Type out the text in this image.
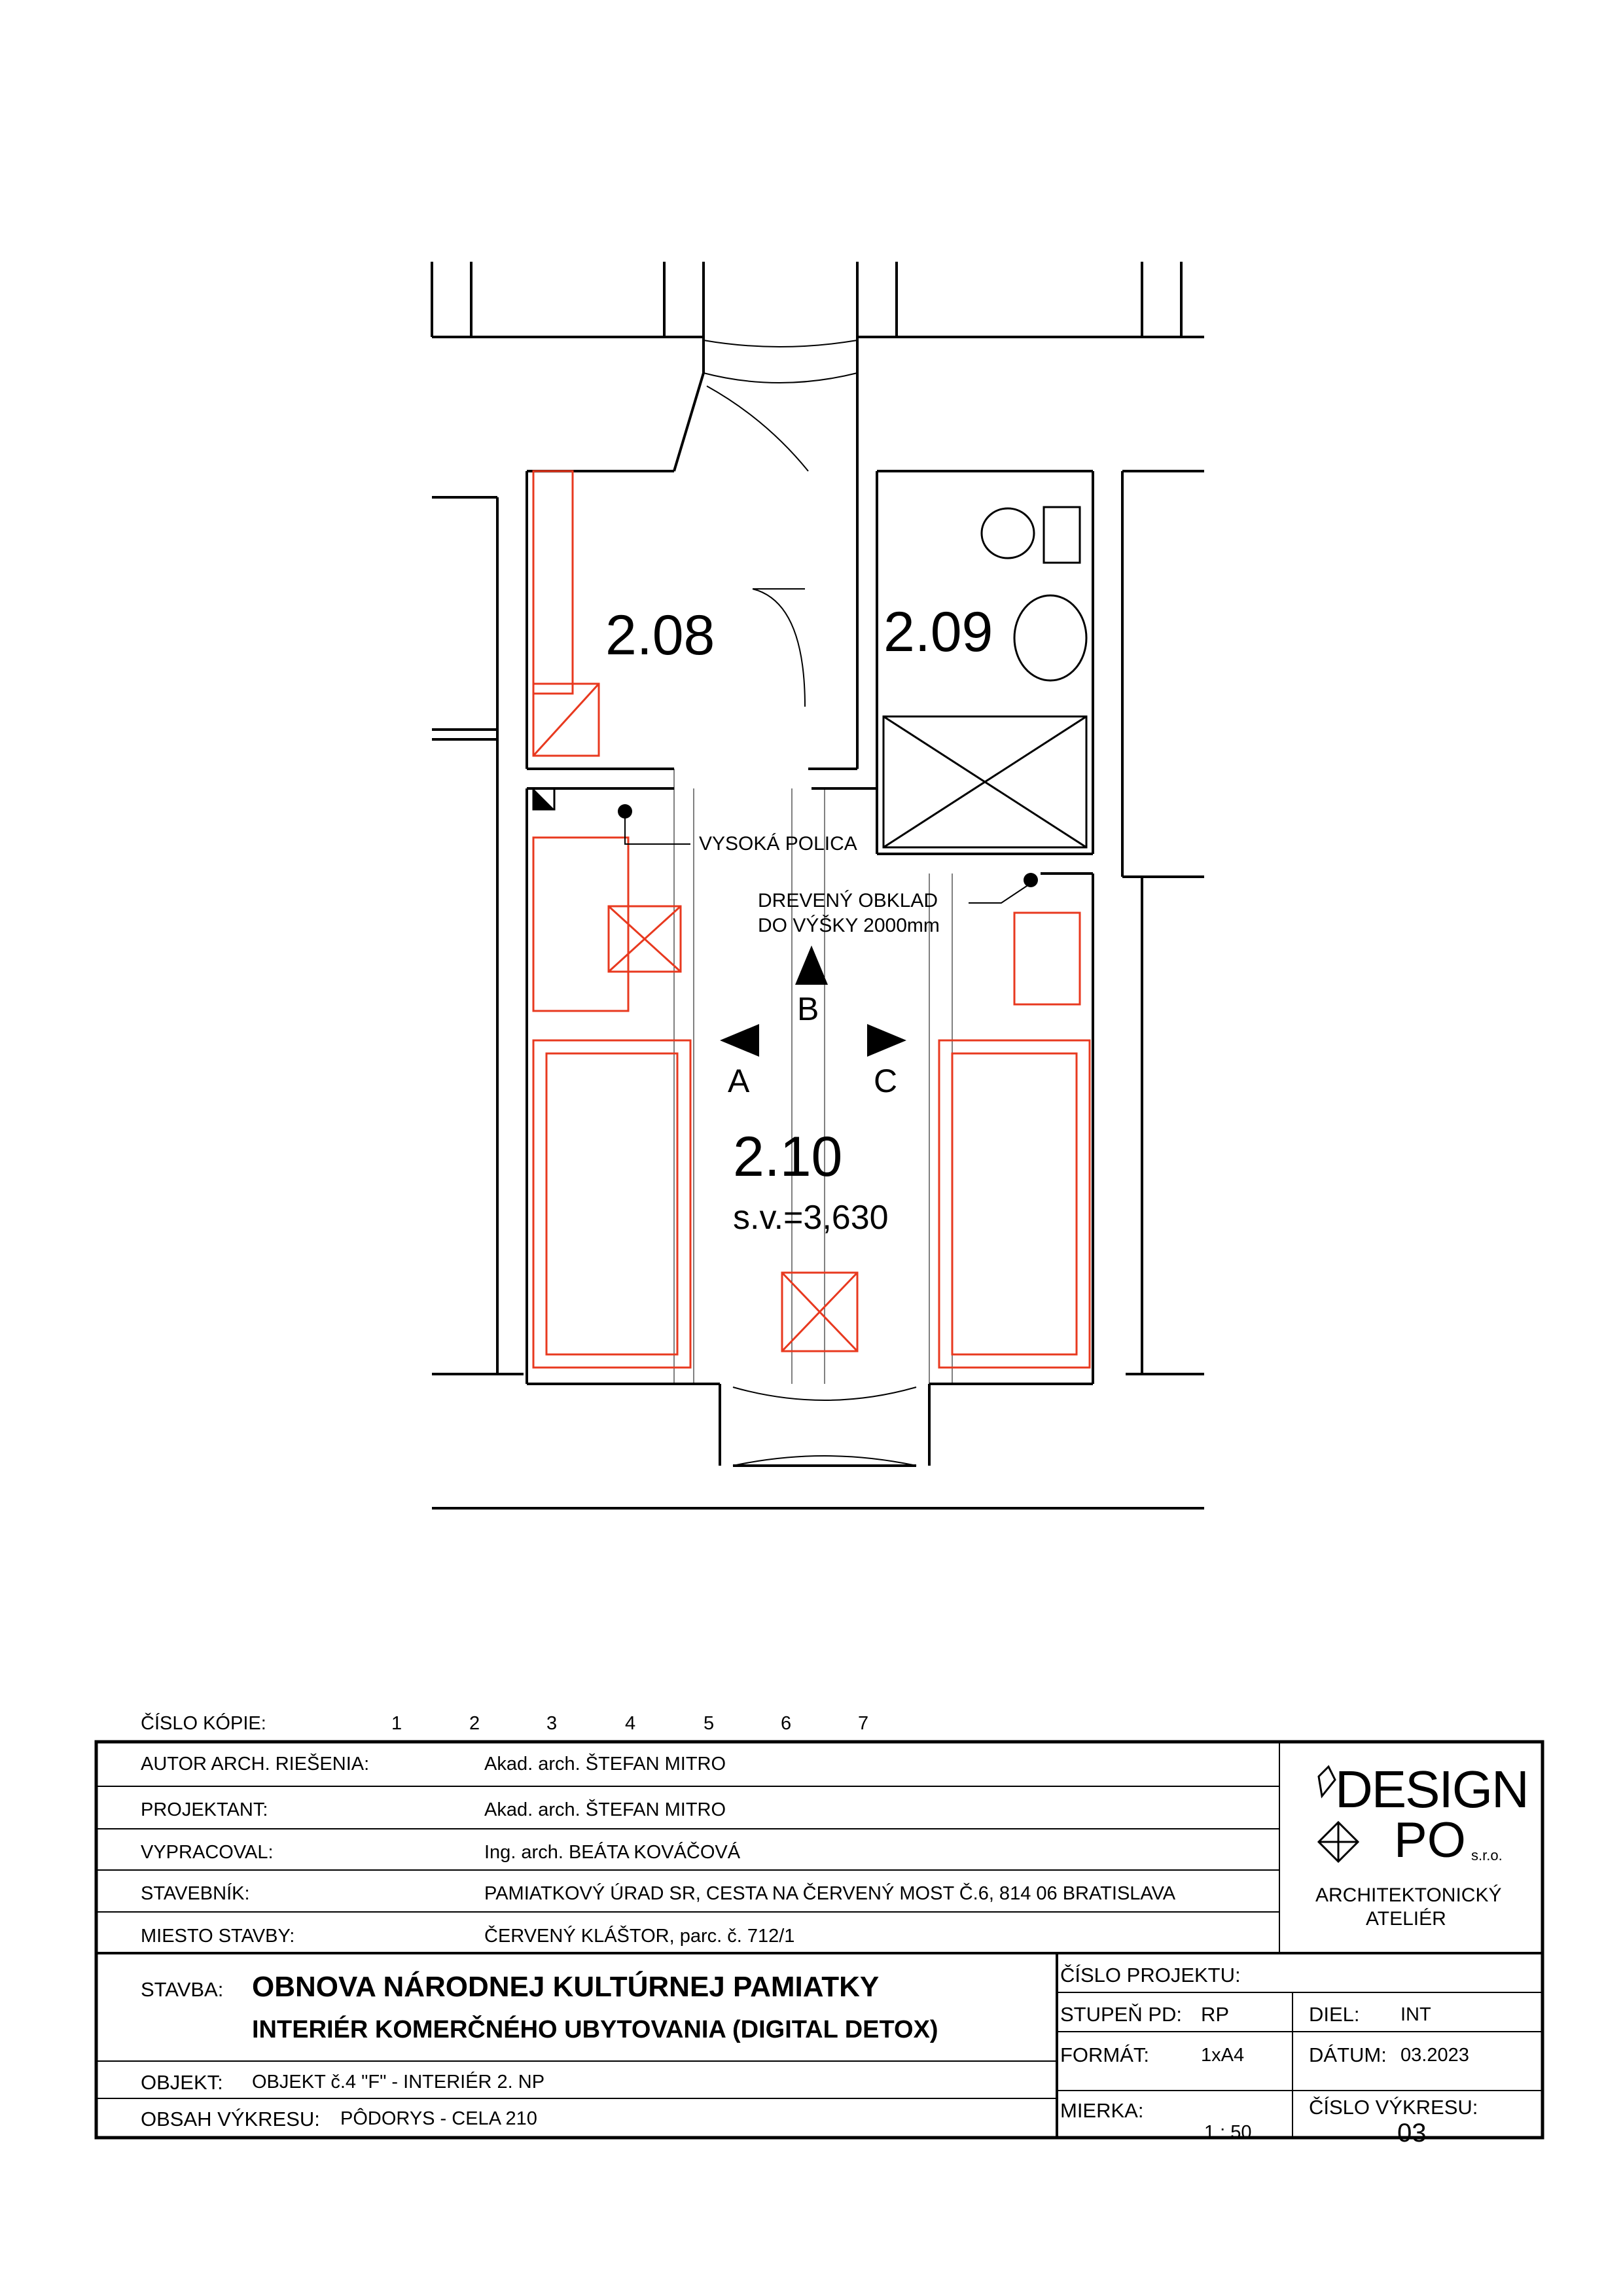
2.08	2.09
2.10
s.v.=3,630
VYSOKÁ POLICA
DREVENÝ OBKLAD
DO VÝŠKY 2000mm
B
A	C
ČÍSLO KÓPIE:	1	2	3	4	5	6	7
AUTOR ARCH. RIEŠENIA:	Akad. arch. ŠTEFAN MITRO
PROJEKTANT:	Akad. arch. ŠTEFAN MITRO
VYPRACOVAL:	Ing. arch. BEÁTA KOVÁČOVÁ
STAVEBNÍK:	PAMIATKOVÝ ÚRAD SR, CESTA NA ČERVENÝ MOST Č.6, 814 06 BRATISLAVA
MIESTO STAVBY:	ČERVENÝ KLÁŠTOR, parc. č. 712/1
STAVBA: OBNOVA NÁRODNEJ KULTÚRNEJ PAMIATKY
INTERIÉR KOMERČNÉHO UBYTOVANIA (DIGITAL DETOX)
OBJEKT: OBJEKT č.4 "F" - INTERIÉR 2. NP
OBSAH VÝKRESU: PÔDORYS - CELA 210
ČÍSLO PROJEKTU:
STUPEŇ PD: RP	DIEL: INT
FORMÁT:	1xA4	DÁTUM: 03.2023
MIERKA:
1 : 50
ČÍSLO VÝKRESU:
03
DESIGN
PO s.r.o.
ARCHITEKTONICKÝ
ATELIÉR
